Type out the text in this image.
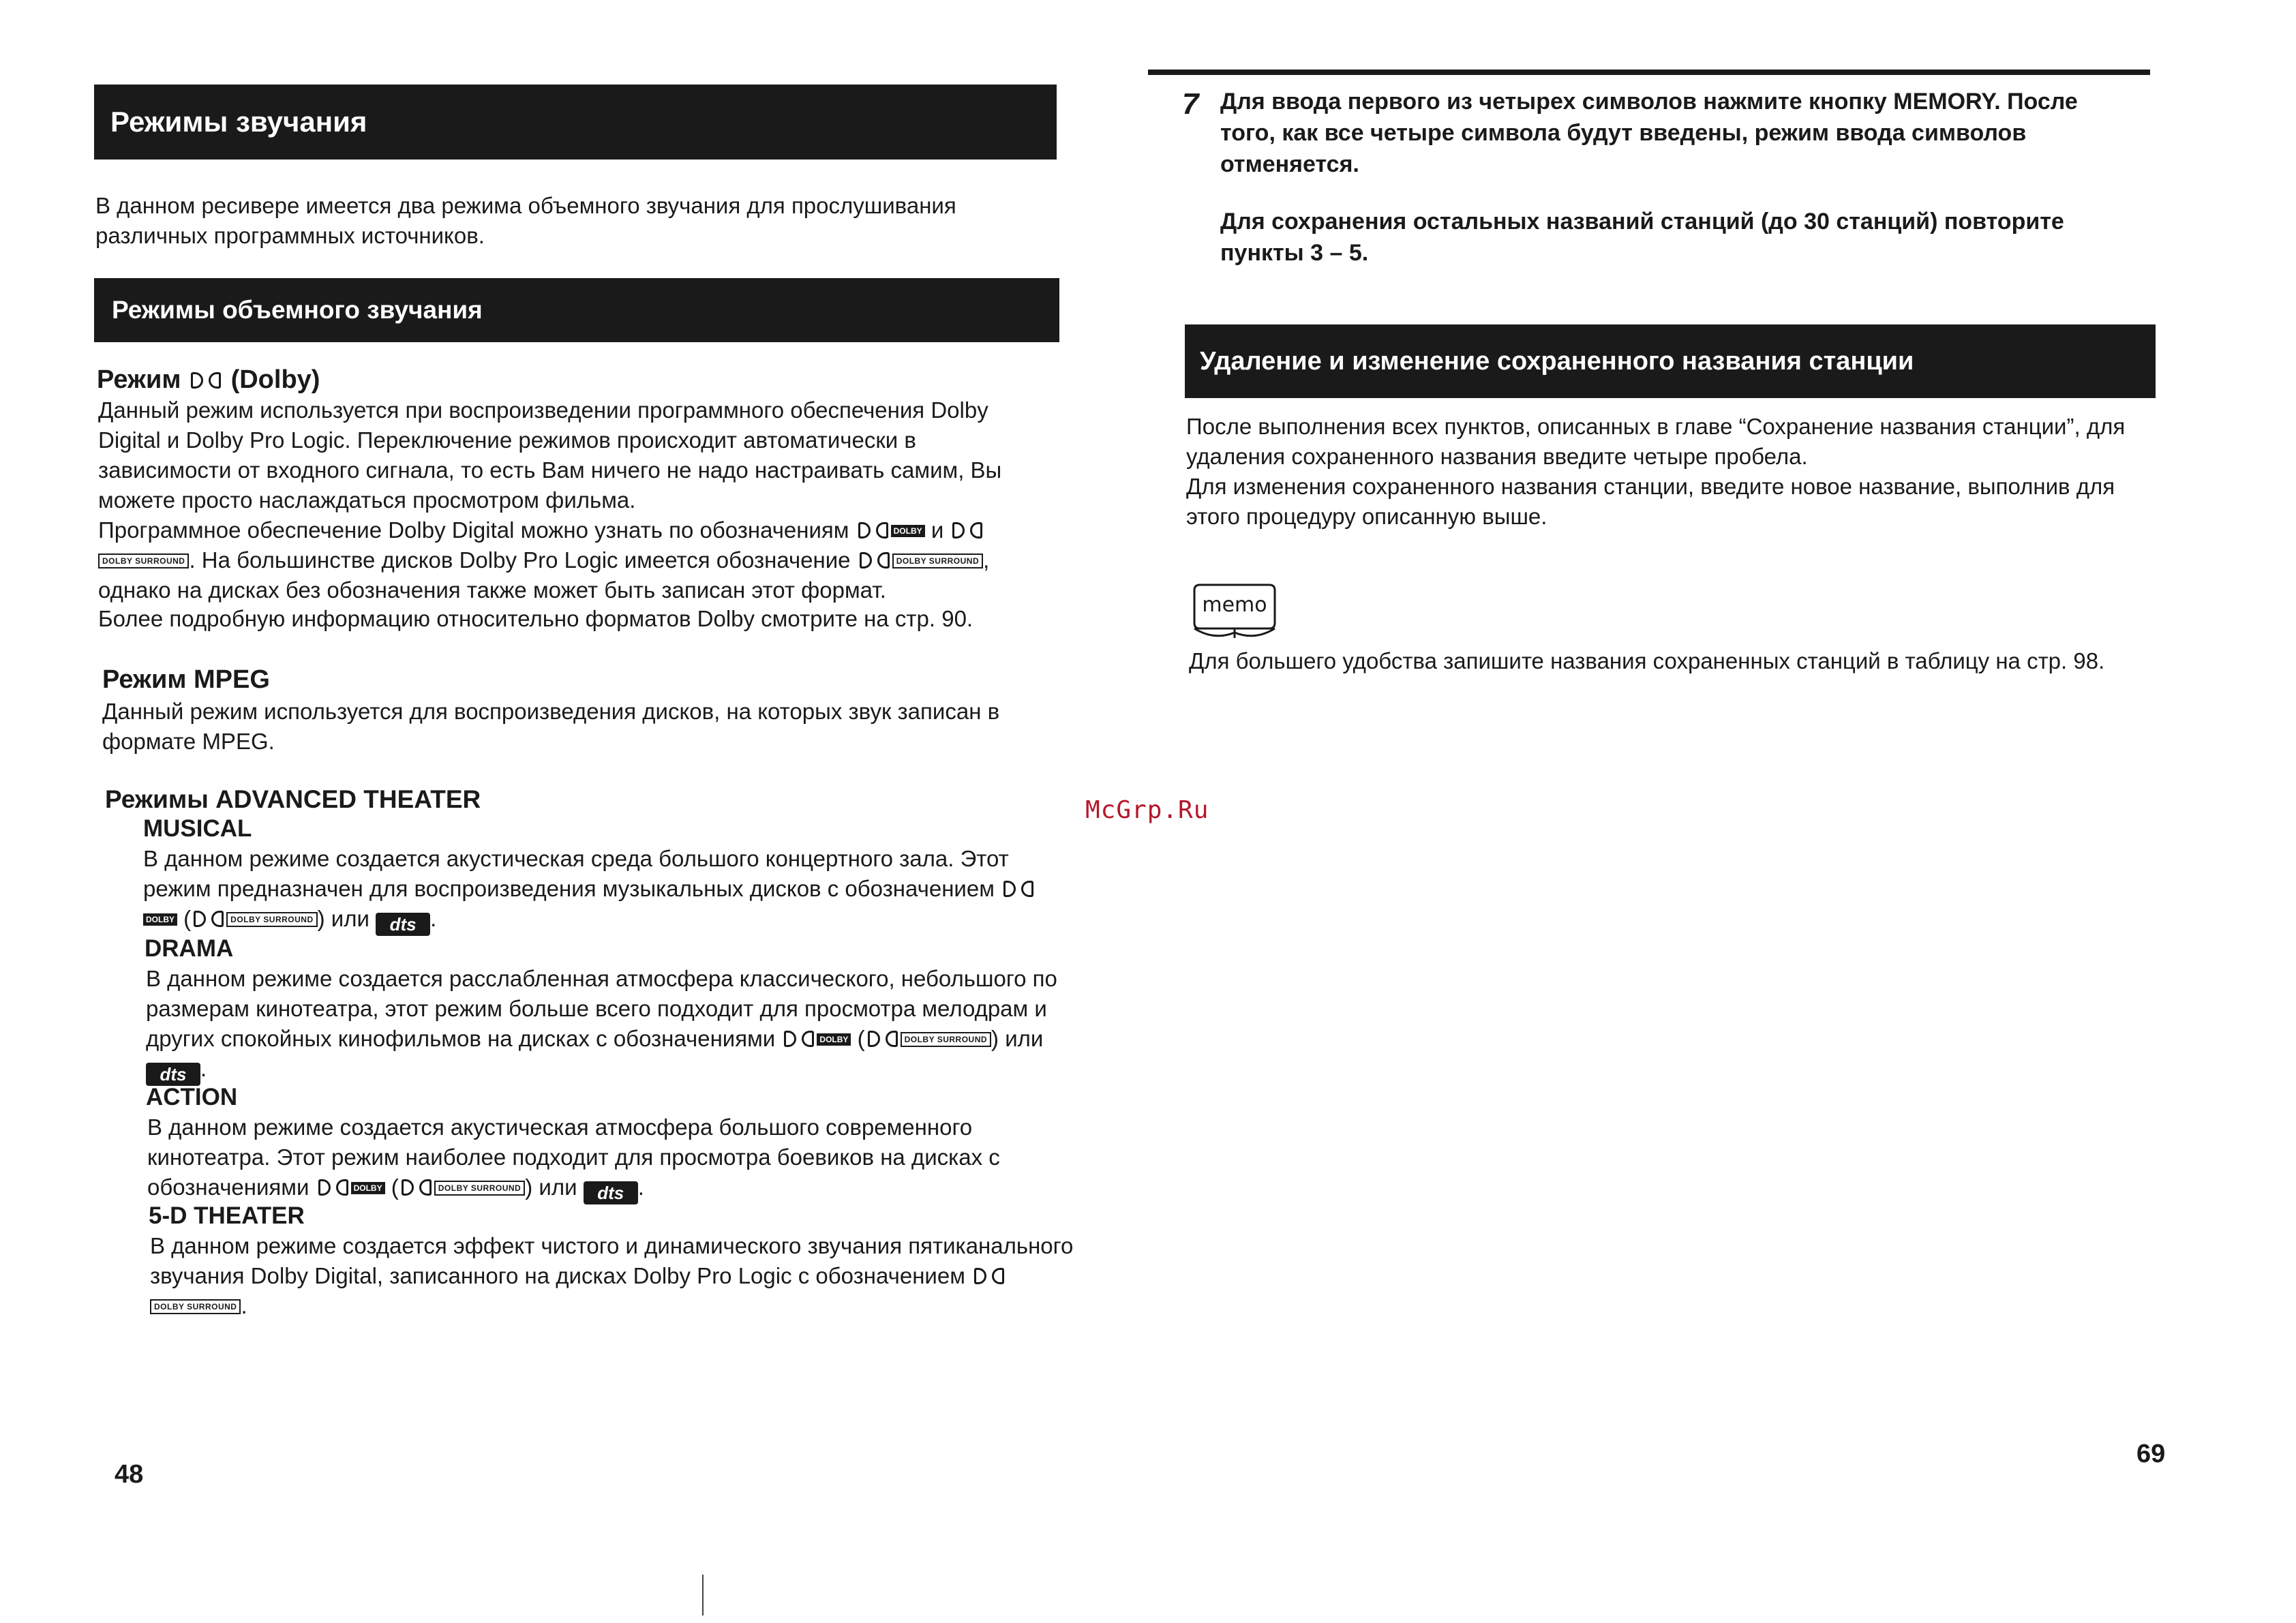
Режимы звучания

В данном ресивере имеется два режима объемного звучания для прослушивания различных программных источников.

Режимы объемного звучания
Режим (Dolby)

Данный режим используется при воспроизведении программного обеспечения Dolby Digital и Dolby Pro Logic. Переключение режимов происходит автоматически в зависимости от входного сигнала, то есть Вам ничего не надо настраивать самим, Вы можете просто наслаждаться просмотром фильма.

Программное обеспечение Dolby Digital можно узнать по обозначениям	DOLBY и DOLBY SURROUND . На большинстве дисков Dolby Pro Logic имеется обозначение	DOLBY SURROUND , однако на дисках без обозначения также может быть записан этот формат.

Более подробную информацию относительно форматов Dolby смотрите на стр. 90.

Режим MPEG

Данный режим используется для воспроизведения дисков, на которых звук записан в формате MPEG.

Режимы ADVANCED THEATER
MUSICAL

В данном режиме создается акустическая среда большого концертного зала. Этот режим предназначен для воспроизведения музыкальных дисков с обозначением DOLBY (	DOLBY SURROUND ) или dts .

DRAMA

В данном режиме создается расслабленная атмосфера классического, небольшого по размерам кинотеатра, этот режим больше всего подходит для просмотра мелодрам и других спокойных кинофильмов на дисках с обозначениями	DOLBY (	DOLBY SURROUND ) или dts .

ACTION

В данном режиме создается акустическая атмосфера большого современного кинотеатра. Этот режим наиболее подходит для просмотра боевиков на дисках с обозначениями	DOLBY (	DOLBY SURROUND ) или dts .

5-D THEATER

В данном режиме создается эффект чистого и динамического звучания пятиканального звучания Dolby Digital, записанного на дисках Dolby Pro Logic с обозначением DOLBY SURROUND .

48
7 Для ввода первого из четырех символов нажмите кнопку MEMORY. После того, как все четыре символа будут введены, режим ввода символов отменяется.

Для сохранения остальных названий станций (до 30 станций) повторите пункты 3 – 5.

Удаление и изменение сохраненного названия станции

После выполнения всех пунктов, описанных в главе “Сохранение названия станции”, для удаления сохраненного названия введите четыре пробела.

Для изменения сохраненного названия станции, введите новое название, выполнив для этого процедуру описанную выше.

memo

Для большего удобства запишите названия сохраненных станций в таблицу на стр. 98.

69
McGrp.Ru
